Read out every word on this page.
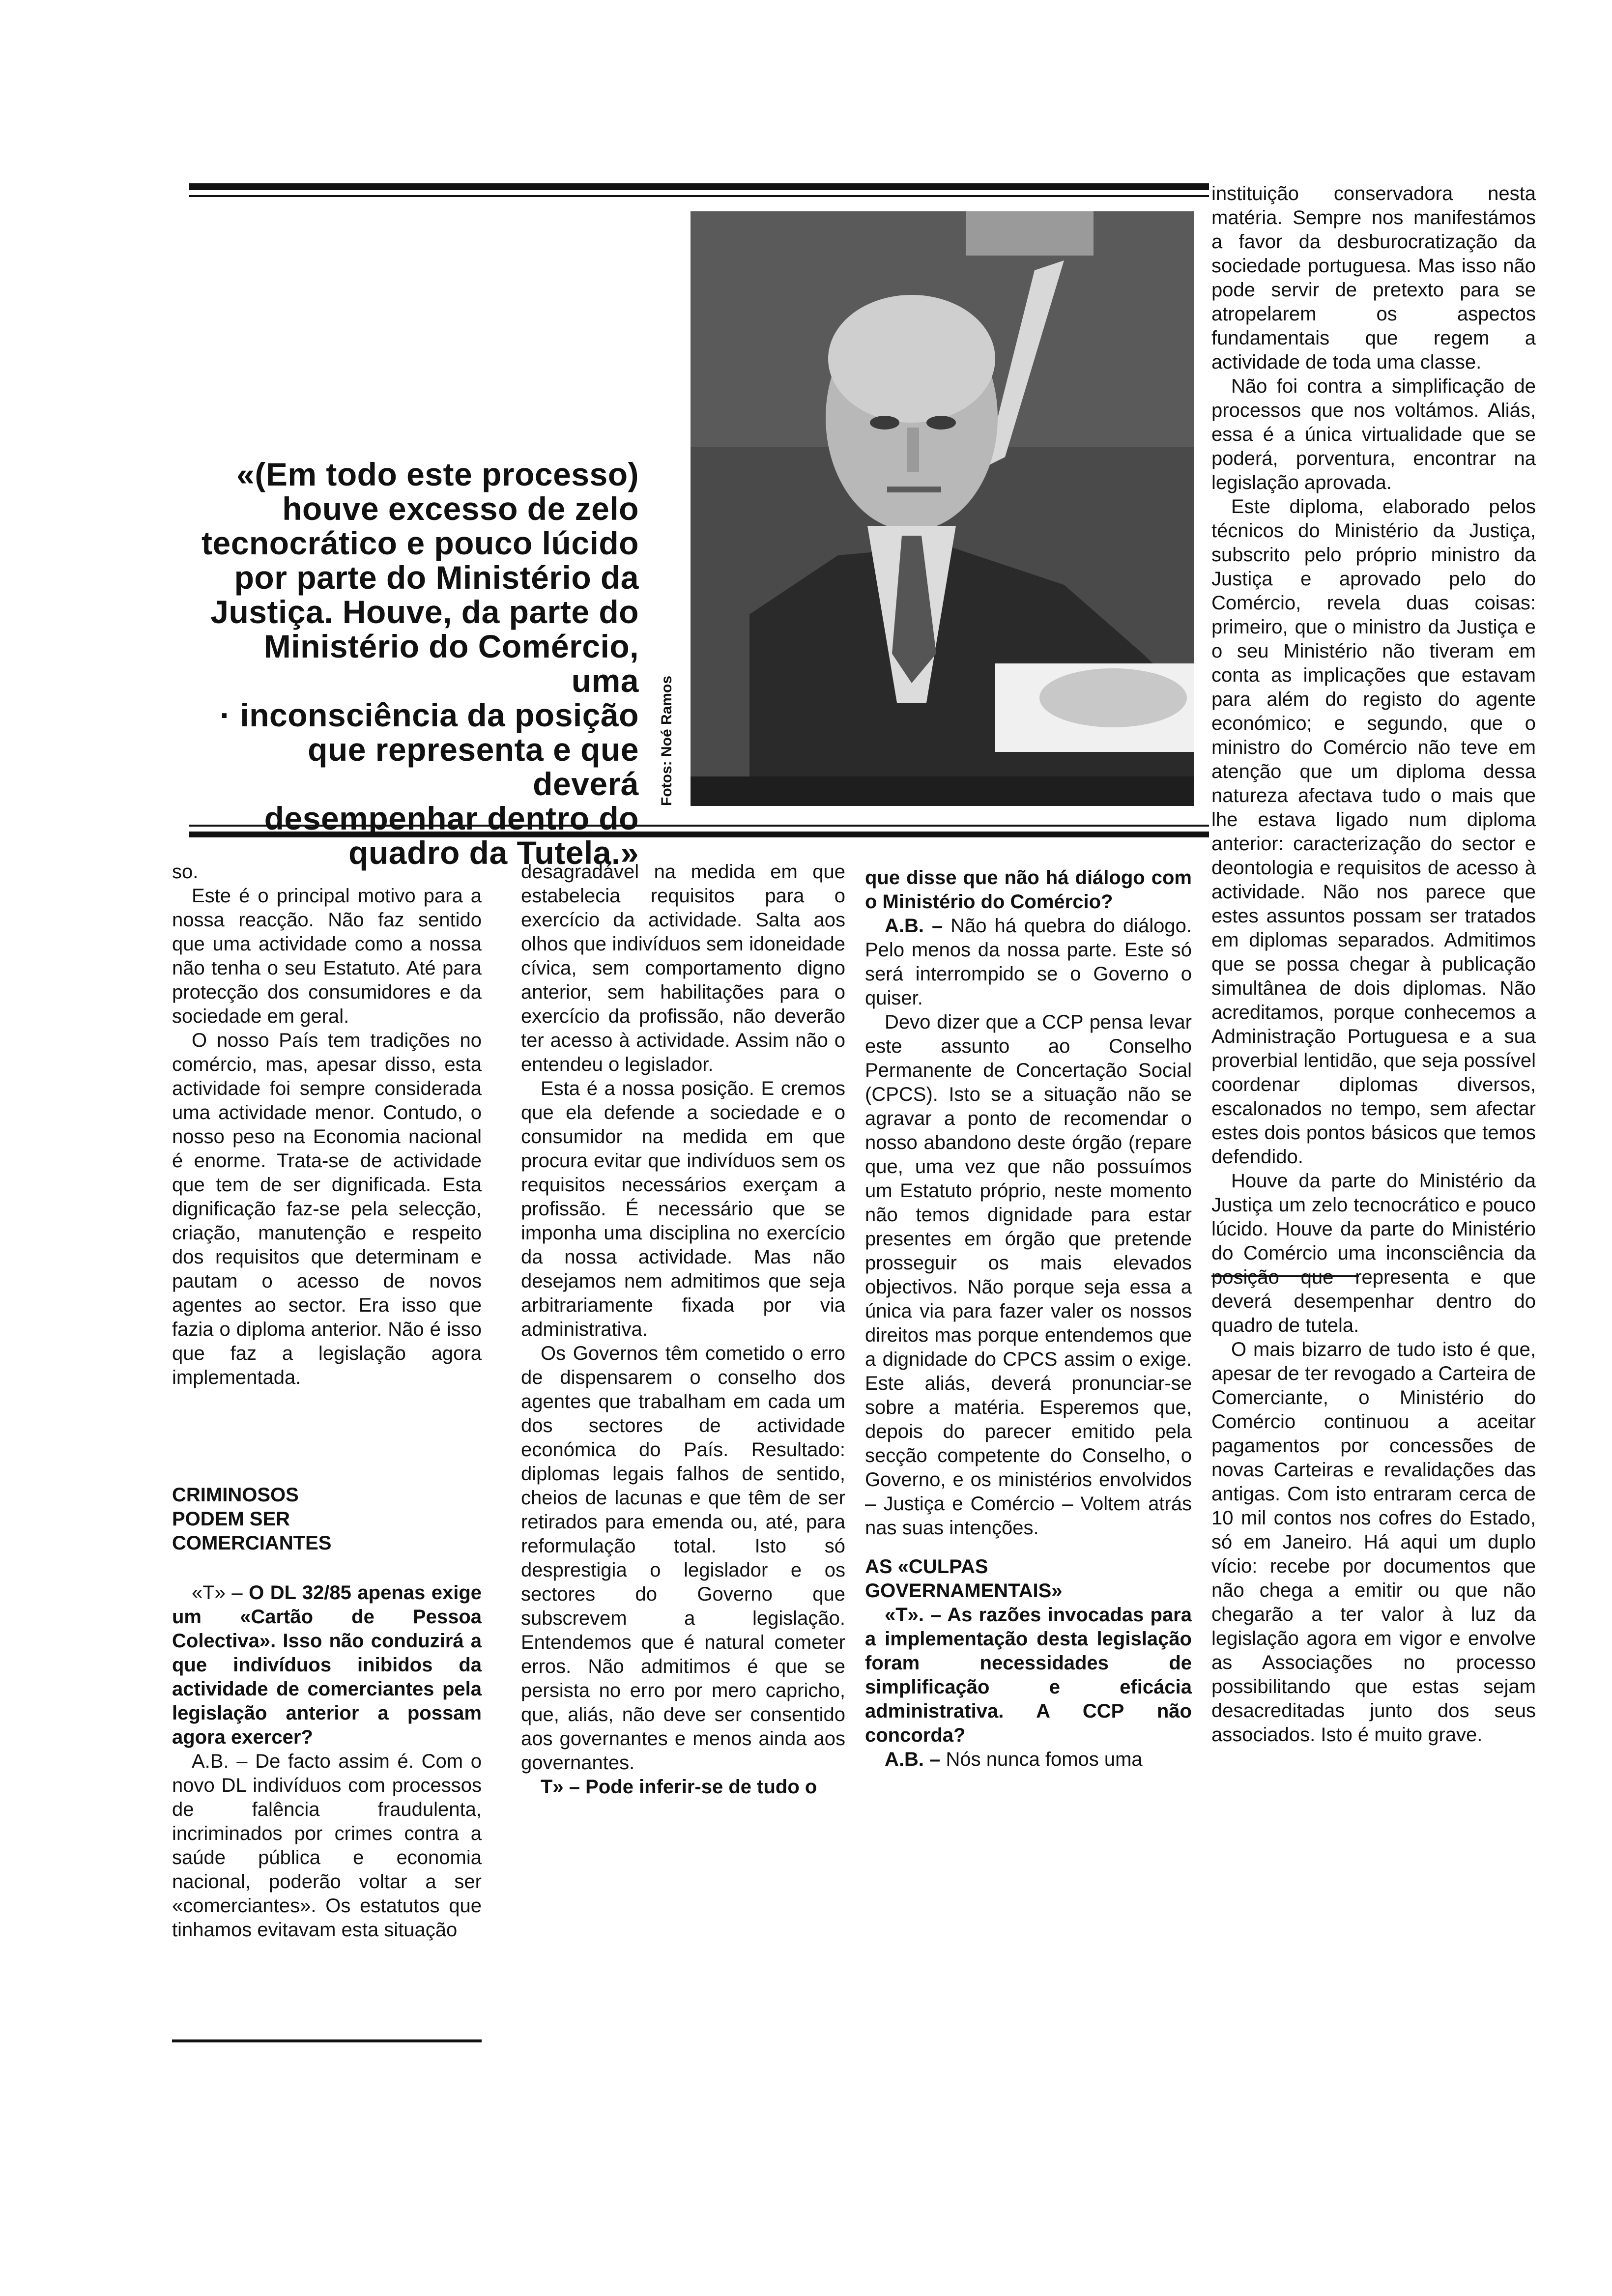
«(Em todo este processo)
houve excesso de zelo
tecnocrático e pouco lúcido
por parte do Ministério da
Justiça. Houve, da parte do
Ministério do Comércio, uma
· inconsciência da posição
que representa e que deverá
desempenhar dentro do
quadro da Tutela.»
Fotos: Noé Ramos

so.

Este é o principal motivo para a nossa reacção. Não faz sentido que uma actividade como a nossa não tenha o seu Estatuto. Até para protecção dos consumidores e da sociedade em geral.

O nosso País tem tradições no comércio, mas, apesar disso, esta actividade foi sempre considerada uma actividade menor. Contudo, o nosso peso na Economia nacional é enorme. Trata-se de actividade que tem de ser dignificada. Esta dignificação faz-se pela selecção, criação, manutenção e respeito dos requisitos que determinam e pautam o acesso de novos agentes ao sector. Era isso que fazia o diploma anterior. Não é isso que faz a legislação agora implementada.

CRIMINOSOS
PODEM SER
COMERCIANTES

«T» – O DL 32/85 apenas exige um «Cartão de Pessoa Colectiva». Isso não conduzirá a que indivíduos inibidos da actividade de comerciantes pela legislação anterior a possam agora exercer?

A.B. – De facto assim é. Com o novo DL indivíduos com processos de falência fraudulenta, incriminados por crimes contra a saúde pública e economia nacional, poderão voltar a ser «comerciantes». Os estatutos que tinhamos evitavam esta situação

desagradável na medida em que estabelecia requisitos para o exercício da actividade. Salta aos olhos que indivíduos sem idoneidade cívica, sem comportamento digno anterior, sem habilitações para o exercício da profissão, não deverão ter acesso à actividade. Assim não o entendeu o legislador.

Esta é a nossa posição. E cremos que ela defende a sociedade e o consumidor na medida em que procura evitar que indivíduos sem os requisitos necessários exerçam a profissão. É necessário que se imponha uma disciplina no exercício da nossa actividade. Mas não desejamos nem admitimos que seja arbitrariamente fixada por via administrativa.

Os Governos têm cometido o erro de dispensarem o conselho dos agentes que trabalham em cada um dos sectores de actividade económica do País. Resultado: diplomas legais falhos de sentido, cheios de lacunas e que têm de ser retirados para emenda ou, até, para reformulação total. Isto só desprestigia o legislador e os sectores do Governo que subscrevem a legislação. Entendemos que é natural cometer erros. Não admitimos é que se persista no erro por mero capricho, que, aliás, não deve ser consentido aos governantes e menos ainda aos governantes.

T» – Pode inferir-se de tudo o

que disse que não há diálogo com o Ministério do Comércio?

A.B. – Não há quebra do diálogo. Pelo menos da nossa parte. Este só será interrompido se o Governo o quiser.

Devo dizer que a CCP pensa levar este assunto ao Conselho Permanente de Concertação Social (CPCS). Isto se a situação não se agravar a ponto de recomendar o nosso abandono deste órgão (repare que, uma vez que não possuímos um Estatuto próprio, neste momento não temos dignidade para estar presentes em órgão que pretende prosseguir os mais elevados objectivos. Não porque seja essa a única via para fazer valer os nossos direitos mas porque entendemos que a dignidade do CPCS assim o exige. Este aliás, deverá pronunciar-se sobre a matéria. Esperemos que, depois do parecer emitido pela secção competente do Conselho, o Governo, e os ministérios envolvidos – Justiça e Comércio – Voltem atrás nas suas intenções.

AS «CULPAS
GOVERNAMENTAIS»

«T». – As razões invocadas para a implementação desta legislação foram necessidades de simplificação e eficácia administrativa. A CCP não concorda?

A.B. – Nós nunca fomos uma

instituição conservadora nesta matéria. Sempre nos manifestámos a favor da desburocratização da sociedade portuguesa. Mas isso não pode servir de pretexto para se atropelarem os aspectos fundamentais que regem a actividade de toda uma classe.

Não foi contra a simplificação de processos que nos voltámos. Aliás, essa é a única virtualidade que se poderá, porventura, encontrar na legislação aprovada.

Este diploma, elaborado pelos técnicos do Ministério da Justiça, subscrito pelo próprio ministro da Justiça e aprovado pelo do Comércio, revela duas coisas: primeiro, que o ministro da Justiça e o seu Ministério não tiveram em conta as implicações que estavam para além do registo do agente económico; e segundo, que o ministro do Comércio não teve em atenção que um diploma dessa natureza afectava tudo o mais que lhe estava ligado num diploma anterior: caracterização do sector e deontologia e requisitos de acesso à actividade. Não nos parece que estes assuntos possam ser tratados em diplomas separados. Admitimos que se possa chegar à publicação simultânea de dois diplomas. Não acreditamos, porque conhecemos a Administração Portuguesa e a sua proverbial lentidão, que seja possível coordenar diplomas diversos, escalonados no tempo, sem afectar estes dois pontos básicos que temos defendido.

Houve da parte do Ministério da Justiça um zelo tecnocrático e pouco lúcido. Houve da parte do Ministério do Comércio uma inconsciência da posição que representa e que deverá desempenhar dentro do quadro de tutela.

O mais bizarro de tudo isto é que, apesar de ter revogado a Carteira de Comerciante, o Ministério do Comércio continuou a aceitar pagamentos por concessões de novas Carteiras e revalidações das antigas. Com isto entraram cerca de 10 mil contos nos cofres do Estado, só em Janeiro. Há aqui um duplo vício: recebe por documentos que não chega a emitir ou que não chegarão a ter valor à luz da legislação agora em vigor e envolve as Associações no processo possibilitando que estas sejam desacreditadas junto dos seus associados. Isto é muito grave.
